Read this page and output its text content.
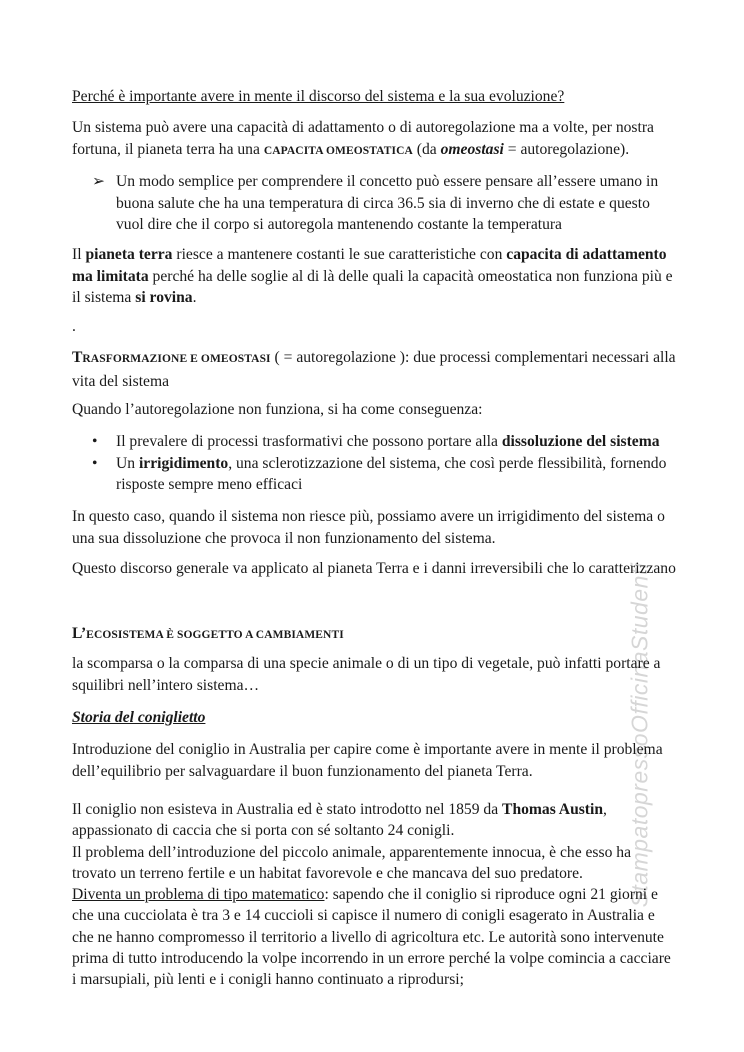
StampatopressoOfficinaStudenti
Perché è importante avere in mente il discorso del sistema e la sua evoluzione?
Un sistema può avere una capacità di adattamento o di autoregolazione ma a volte, per nostra fortuna, il pianeta terra ha una CAPACITA OMEOSTATICA (da omeostasi = autoregolazione).
➢ Un modo semplice per comprendere il concetto può essere pensare all’essere umano in buona salute che ha una temperatura di circa 36.5 sia di inverno che di estate e questo vuol dire che il corpo si autoregola mantenendo costante la temperatura
Il pianeta terra riesce a mantenere costanti le sue caratteristiche con capacita di adattamento ma limitata perché ha delle soglie al di là delle quali la capacità omeostatica non funziona più e il sistema si rovina.
.
TRASFORMAZIONE E OMEOSTASI ( = autoregolazione ): due processi complementari necessari alla vita del sistema
Quando l’autoregolazione non funziona, si ha come conseguenza:
• Il prevalere di processi trasformativi che possono portare alla dissoluzione del sistema
• Un irrigidimento, una sclerotizzazione del sistema, che così perde flessibilità, fornendo risposte sempre meno efficaci
In questo caso, quando il sistema non riesce più, possiamo avere un irrigidimento del sistema o una sua dissoluzione che provoca il non funzionamento del sistema.
Questo discorso generale va applicato al pianeta Terra e i danni irreversibili che lo caratterizzano
L’ECOSISTEMA È SOGGETTO A CAMBIAMENTI
la scomparsa o la comparsa di una specie animale o di un tipo di vegetale, può infatti portare a squilibri nell’intero sistema…
Storia del coniglietto
Introduzione del coniglio in Australia per capire come è importante avere in mente il problema dell’equilibrio per salvaguardare il buon funzionamento del pianeta Terra.
Il coniglio non esisteva in Australia ed è stato introdotto nel 1859 da Thomas Austin, appassionato di caccia che si porta con sé soltanto 24 conigli.
Il problema dell’introduzione del piccolo animale, apparentemente innocua, è che esso ha trovato un terreno fertile e un habitat favorevole e che mancava del suo predatore.
Diventa un problema di tipo matematico: sapendo che il coniglio si riproduce ogni 21 giorni e che una cucciolata è tra 3 e 14 cuccioli si capisce il numero di conigli esagerato in Australia e che ne hanno compromesso il territorio a livello di agricoltura etc. Le autorità sono intervenute prima di tutto introducendo la volpe incorrendo in un errore perché la volpe comincia a cacciare i marsupiali, più lenti e i conigli hanno continuato a riprodursi;
